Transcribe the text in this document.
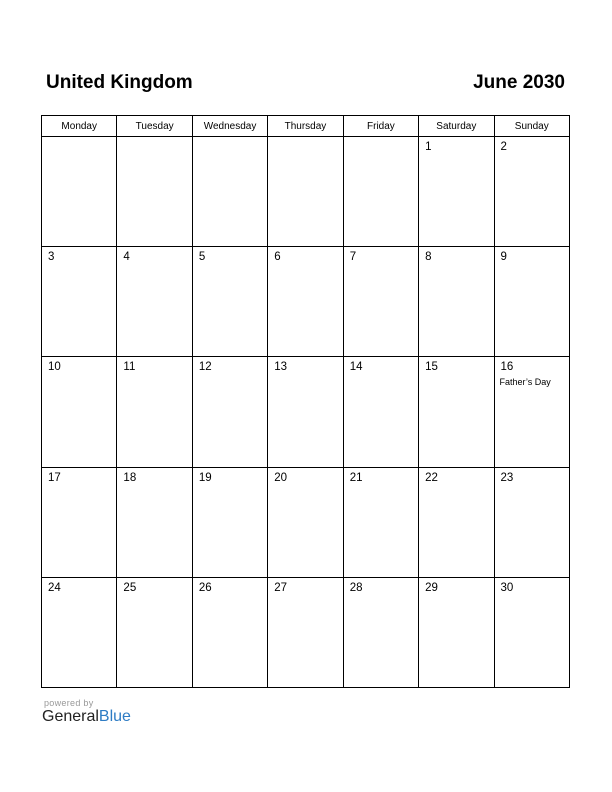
United Kingdom	June 2030
Monday	Tuesday	Wednesday	Thursday	Friday	Saturday	Sunday

					1	2

3	4	5	6	7	8	9

10	11	12	13	14	15	16
Father’s Day

17	18	19	20	21	22	23

24	25	26	27	28	29	30
powered by
GeneralBlue
